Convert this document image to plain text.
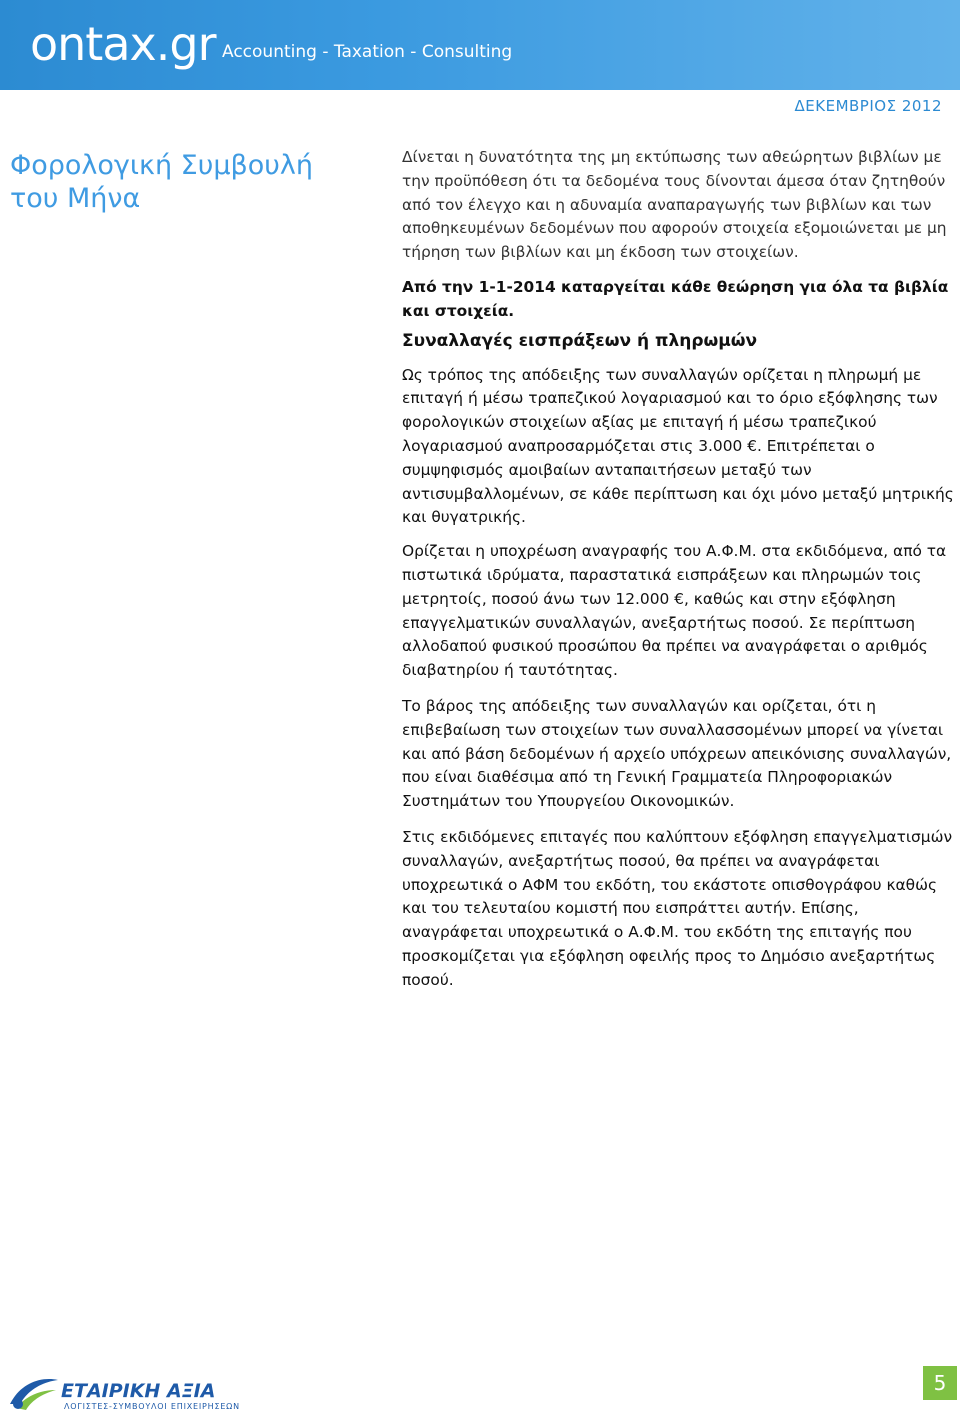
ontax.gr Accounting - Taxation - Consulting
ΔΕΚΕΜΒΡΙΟΣ 2012
Φορολογική Συμβουλή
του Μήνα

Δίνεται η δυνατότητα της μη εκτύπωσης των αθεώρητων βιβλίων με την προϋπόθεση ότι τα δεδομένα τους δίνονται άμεσα όταν ζητηθούν από τον έλεγχο και η αδυναμία αναπαραγωγής των βιβλίων και των αποθηκευμένων δεδομένων που αφορούν στοιχεία εξομοιώνεται με μη τήρηση των βιβλίων και μη έκδοση των στοιχείων.

Από την 1-1-2014 καταργείται κάθε θεώρηση για όλα τα βιβλία και στοιχεία.

Συναλλαγές εισπράξεων ή πληρωμών

Ως τρόπος της απόδειξης των συναλλαγών ορίζεται η πληρωμή με επιταγή ή μέσω τραπεζικού λογαριασμού και το όριο εξόφλησης των φορολογικών στοιχείων αξίας με επιταγή ή μέσω τραπεζικού λογαριασμού αναπροσαρμόζεται στις 3.000 €. Επιτρέπεται ο συμψηφισμός αμοιβαίων ανταπαιτήσεων μεταξύ των αντισυμβαλλομένων, σε κάθε περίπτωση και όχι μόνο μεταξύ μητρικής και θυγατρικής.

Ορίζεται η υποχρέωση αναγραφής του Α.Φ.Μ. στα εκδιδόμενα, από τα πιστωτικά ιδρύματα, παραστατικά εισπράξεων και πληρωμών τοις μετρητοίς, ποσού άνω των 12.000 €, καθώς και στην εξόφληση επαγγελματικών συναλλαγών, ανεξαρτήτως ποσού. Σε περίπτωση αλλοδαπού φυσικού προσώπου θα πρέπει να αναγράφεται ο αριθμός διαβατηρίου ή ταυτότητας.

Το βάρος της απόδειξης των συναλλαγών και ορίζεται, ότι η επιβεβαίωση των στοιχείων των συναλλασσομένων μπορεί να γίνεται και από βάση δεδομένων ή αρχείο υπόχρεων απεικόνισης συναλλαγών, που είναι διαθέσιμα από τη Γενική Γραμματεία Πληροφοριακών Συστημάτων του Υπουργείου Οικονομικών.

Στις εκδιδόμενες επιταγές που καλύπτουν εξόφληση επαγγελματισμών συναλλαγών, ανεξαρτήτως ποσού, θα πρέπει να αναγράφεται υποχρεωτικά ο ΑΦΜ του εκδότη, του εκάστοτε οπισθογράφου καθώς και του τελευταίου κομιστή που εισπράττει αυτήν. Επίσης, αναγράφεται υποχρεωτικά ο Α.Φ.Μ. του εκδότη της επιταγής που προσκομίζεται για εξόφληση οφειλής προς το Δημόσιο ανεξαρτήτως ποσού.

ΕΤΑΙΡΙΚΗ ΑΞΙΑ
ΛΟΓΙΣΤΕΣ-ΣΥΜΒΟΥΛΟΙ ΕΠΙΧΕΙΡΗΣΕΩΝ
5
